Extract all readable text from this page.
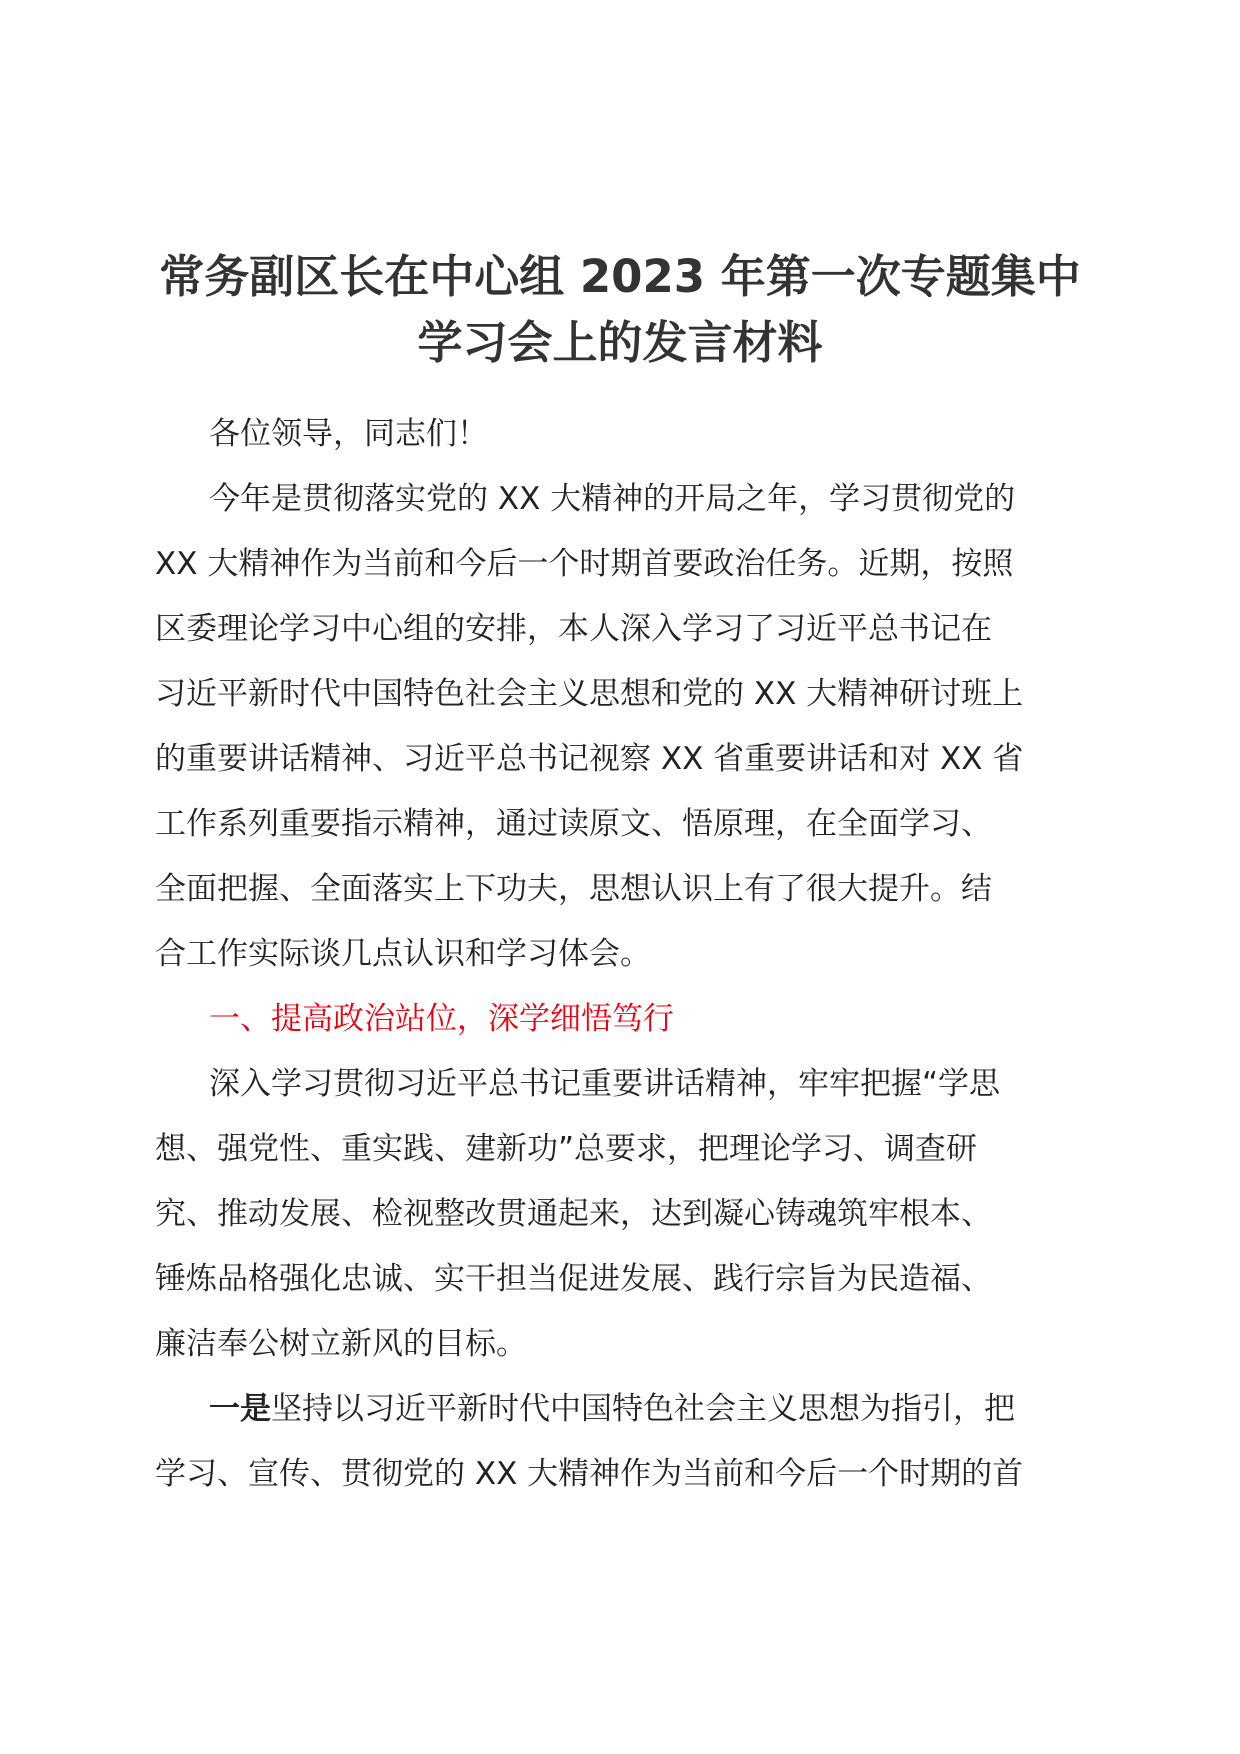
常务副区长在中心组 2023 年第一次专题集中
学习会上的发言材料
各位领导，同志们！
今年是贯彻落实党的 XX 大精神的开局之年，学习贯彻党的
XX 大精神作为当前和今后一个时期首要政治任务。近期，按照
区委理论学习中心组的安排，本人深入学习了习近平总书记在
习近平新时代中国特色社会主义思想和党的 XX 大精神研讨班上
的重要讲话精神、习近平总书记视察 XX 省重要讲话和对 XX 省
工作系列重要指示精神，通过读原文、悟原理，在全面学习、
全面把握、全面落实上下功夫，思想认识上有了很大提升。结
合工作实际谈几点认识和学习体会。
一、提高政治站位，深学细悟笃行
深入学习贯彻习近平总书记重要讲话精神，牢牢把握“学思
想、强党性、重实践、建新功”总要求，把理论学习、调查研
究、推动发展、检视整改贯通起来，达到凝心铸魂筑牢根本、
锤炼品格强化忠诚、实干担当促进发展、践行宗旨为民造福、
廉洁奉公树立新风的目标。
一是坚持以习近平新时代中国特色社会主义思想为指引，把
学习、宣传、贯彻党的 XX 大精神作为当前和今后一个时期的首
